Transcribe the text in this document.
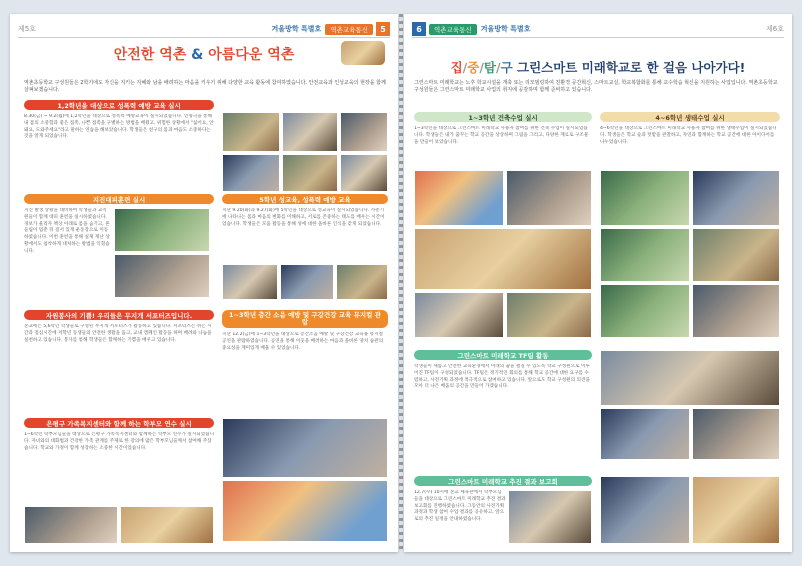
제5호	겨울방학 특별호	역촌교육통신	5
안전한 역촌 & 아름다운 역촌
역촌초등학교 구성원들은 2학기에도 자신을 지키는 지혜와 남을 배려하는 마음을 키우기 위해 다양한 교육 활동에 참여하였습니다. 안전교육과 인성교육의 현장을 함께 살펴보겠습니다.
1,2학년을 대상으로 성폭력 예방 교육 실시
8.30(금) ~ 9.2(월)에 1,2학년을 대상으로 성폭력 예방교육이 실시되었습니다. 인형극을 통해 내 몸의 소중함과 좋은 접촉, 나쁜 접촉을 구별하는 방법을 배웠고, 위험한 상황에서 "싫어요, 안돼요, 도와주세요"라고 말하는 연습을 해보았습니다. 학생들은 친구의 몸과 마음도 소중하다는 것을 알게 되었습니다.
지진대피훈련 실시
지진 발생 상황을 대비하여 학생들과 교직원들이 함께 대피 훈련을 실시하였습니다. 경보가 울리자 책상 아래로 몸을 숨기고, 흔들림이 멈춘 뒤 질서 있게 운동장으로 이동하였습니다. 이번 훈련을 통해 실제 재난 상황에서도 침착하게 대처하는 방법을 익혔습니다.
5학년 성교육, 성폭력 예방 교육
지난 9.20(화)과 9.27(화)에 5학년을 대상으로 성교육이 실시되었습니다. 사춘기에 나타나는 몸과 마음의 변화를 이해하고, 서로를 존중하는 태도를 배우는 시간이었습니다. 학생들은 모둠 활동을 통해 성에 대한 올바른 인식을 갖게 되었습니다.
자원봉사의 기쁨! 우리들은 무지개 서포터즈입니다.
본교에는 5,6학년 학생들로 구성된 무지개 서포터즈가 활동하고 있습니다. 서포터즈는 쉬는 시간과 점심시간에 저학년 동생들의 안전한 생활을 돕고, 교내 캠페인 활동을 하며 배려와 나눔을 실천하고 있습니다. 봉사를 통해 학생들은 함께하는 기쁨을 배우고 있습니다.
1~3학년 층간 소음 예방 및 구강건강 교육 뮤지컬 관람
지난 12.2(금)에 1~3학년을 대상으로 층간소음 예방 및 구강건강 교육용 뮤지컬 공연을 관람하였습니다. 공연을 통해 이웃을 배려하는 마음과 올바른 양치 습관의 중요성을 재미있게 배울 수 있었습니다.
은평구 가족복지센터와 함께 하는 학부모 연수 실시
1~6학년 학부모님들을 대상으로 은평구 가족복지센터와 함께하는 학부모 연수가 실시되었습니다. 자녀와의 대화법과 건강한 가족 관계를 주제로 한 강의에 많은 학부모님들께서 참여해 주셨습니다. 학교와 가정이 함께 성장하는 소중한 시간이었습니다.
6	역촌교육통신	겨울방학 특별호	제6호
집/중/탐/구 그린스마트 미래학교로 한 걸음 나아가다!
그린스마트 미래학교는 노후 학교시설을 개축 또는 리모델링하여 친환경 공간혁신, 스마트교실, 학교복합화를 통해 교수학습 혁신을 지원하는 사업입니다. 역촌초등학교 구성원들은 그린스마트 미래학교 사업의 취지에 공감하며 함께 준비하고 있습니다.
1~3학년 건축수업 실시
1~3학년을 대상으로 그린스마트 미래학교 사용자 참여를 위한 건축 수업이 실시되었습니다. 학생들은 내가 꿈꾸는 학교 공간을 상상하며 그림을 그리고, 다양한 재료로 구조물을 만들어 보았습니다.
4~6학년 생태수업 실시
4~6학년을 대상으로 그린스마트 미래학교 사용자 참여를 위한 생태수업이 실시되었습니다. 학생들은 학교 숲과 텃밭을 관찰하고, 자연과 함께하는 학교 공간에 대한 아이디어를 나누었습니다.
그린스마트 미래학교 TF팀 활동
학생들이 새롭고 안전한 교육환경에서 미래의 꿈을 펼칠 수 있도록 학교 구성원으로 이루어진 TF팀이 구성되었습니다. TF팀은 정기적인 회의를 통해 학교 공간에 대한 요구를 수렴하고, 사전기획 과정에 적극적으로 참여하고 있습니다. 앞으로도 학교 구성원의 의견을 모아 더 나은 배움의 공간을 만들어 가겠습니다.
그린스마트 미래학교 추진 결과 보고회
12.7(수) 10시에 본교 체육관에서 학부모님들을 대상으로 그린스마트 미래학교 추진 결과 보고회를 진행하였습니다. 그동안의 사전기획 과정과 학생 참여 수업 결과를 공유하고, 앞으로의 추진 일정을 안내하였습니다.
